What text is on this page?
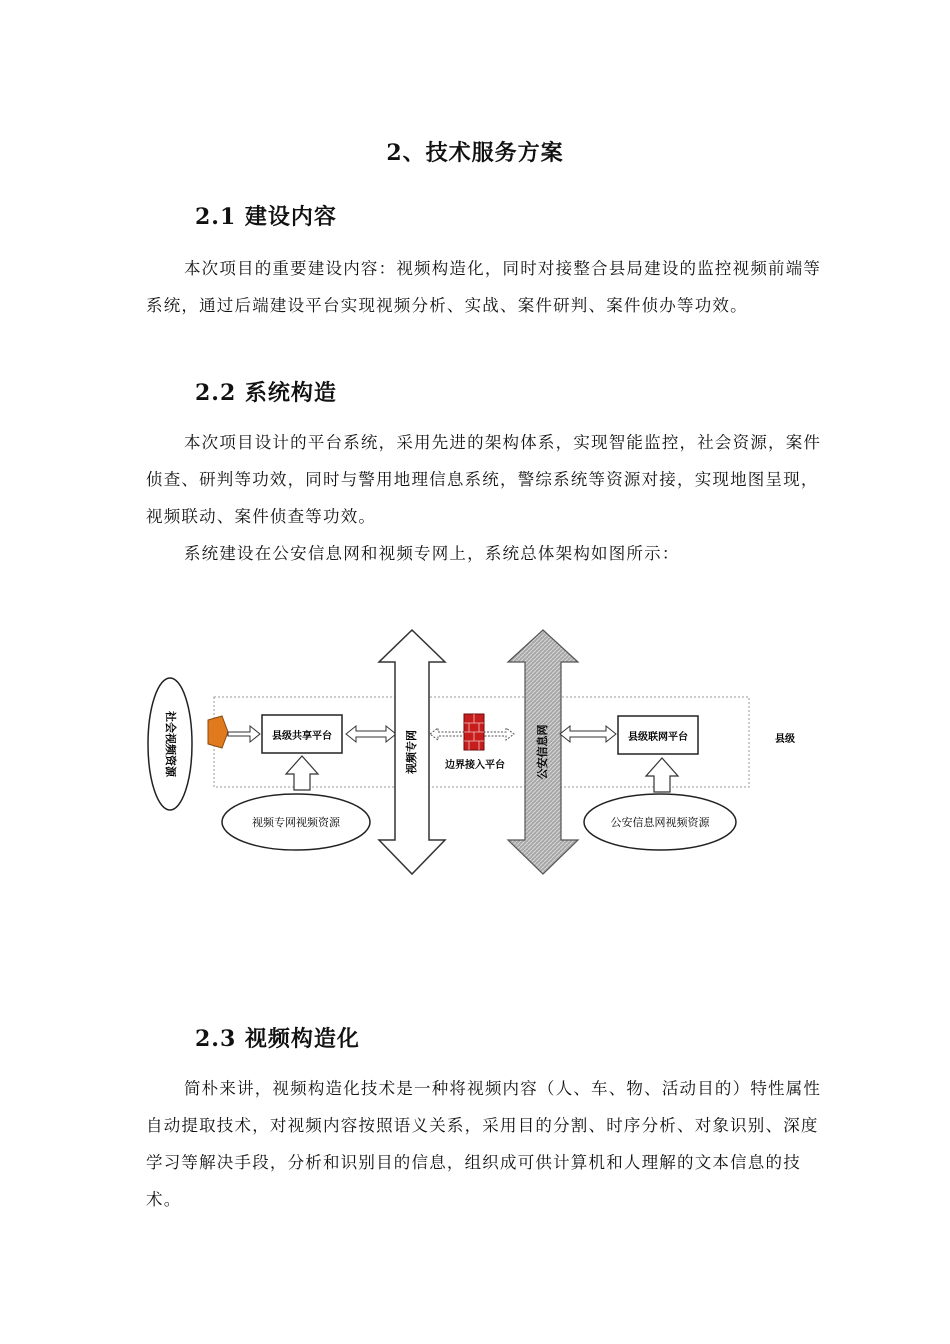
2、技术服务方案
2.1 建设内容

本次项目的重要建设内容：视频构造化，同时对接整合县局建设的监控视频前端等系统，通过后端建设平台实现视频分析、实战、案件研判、案件侦办等功效。

2.2 系统构造

本次项目设计的平台系统，采用先进的架构体系，实现智能监控，社会资源，案件侦查、研判等功效，同时与警用地理信息系统，警综系统等资源对接，实现地图呈现，视频联动、案件侦查等功效。

系统建设在公安信息网和视频专网上，系统总体架构如图所示：

社会视频资源	县级共享平台
视频专网视频资源
视频专网	边界接入平台	公安信息网	县级联网平台
公安信息网视频资源
县级
2.3 视频构造化

简朴来讲，视频构造化技术是一种将视频内容（人、车、物、活动目的）特性属性自动提取技术，对视频内容按照语义关系，采用目的分割、时序分析、对象识别、深度学习等解决手段，分析和识别目的信息，组织成可供计算机和人理解的文本信息的技术。
